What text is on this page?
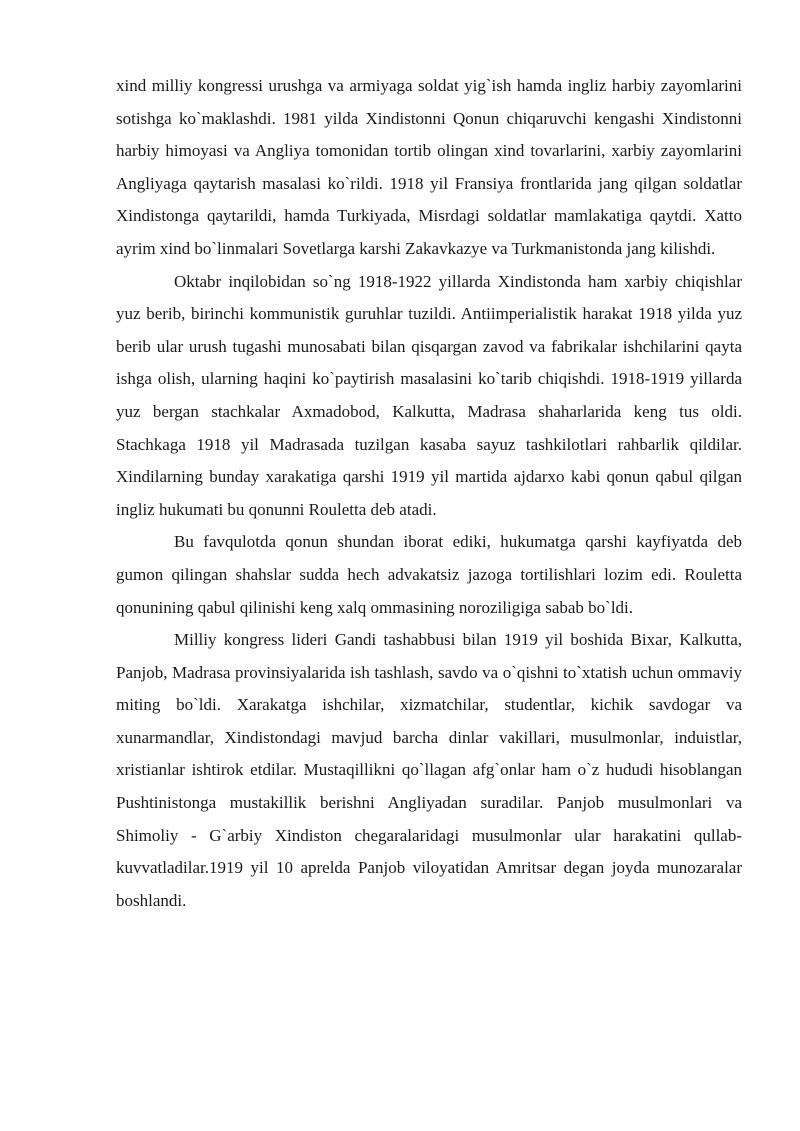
xind milliy kongressi urushga va armiyaga soldat yig`ish hamda ingliz harbiy zayomlarini sotishga ko`maklashdi. 1981 yilda Xindistonni Qonun chiqaruvchi kengashi Xindistonni harbiy himoyasi va Angliya tomonidan tortib olingan xind tovarlarini, xarbiy zayomlarini Angliyaga qaytarish masalasi ko`rildi. 1918 yil Fransiya frontlarida jang qilgan soldatlar Xindistonga qaytarildi, hamda Turkiyada, Misrdagi soldatlar mamlakatiga qaytdi. Xatto ayrim xind bo`linmalari Sovetlarga karshi Zakavkazye va Turkmanistonda jang kilishdi.

Oktabr inqilobidan so`ng 1918-1922 yillarda Xindistonda ham xarbiy chiqishlar yuz berib, birinchi kommunistik guruhlar tuzildi. Antiimperialistik harakat 1918 yilda yuz berib ular urush tugashi munosabati bilan qisqargan zavod va fabrikalar ishchilarini qayta ishga olish, ularning haqini ko`paytirish masalasini ko`tarib chiqishdi. 1918-1919 yillarda yuz bergan stachkalar Axmadobod, Kalkutta, Madrasa shaharlarida keng tus oldi. Stachkaga 1918 yil Madrasada tuzilgan kasaba sayuz tashkilotlari rahbarlik qildilar. Xindilarning bunday xarakatiga qarshi 1919 yil martida ajdarxo kabi qonun qabul qilgan ingliz hukumati bu qonunni Rouletta deb atadi.

Bu favqulotda qonun shundan iborat ediki, hukumatga qarshi kayfiyatda deb gumon qilingan shahslar sudda hech advakatsiz jazoga tortilishlari lozim edi. Rouletta qonunining qabul qilinishi keng xalq ommasining noroziligiga sabab bo`ldi.

Milliy kongress lideri Gandi tashabbusi bilan 1919 yil boshida Bixar, Kalkutta, Panjob, Madrasa provinsiyalarida ish tashlash, savdo va o`qishni to`xtatish uchun ommaviy miting bo`ldi. Xarakatga ishchilar, xizmatchilar, studentlar, kichik savdogar va xunarmandlar, Xindistondagi mavjud barcha dinlar vakillari, musulmonlar, induistlar, xristianlar ishtirok etdilar. Mustaqillikni qo`llagan afg`onlar ham o`z hududi hisoblangan Pushtinistonga mustakillik berishni Angliyadan suradilar. Panjob musulmonlari va Shimoliy - G`arbiy Xindiston chegaralaridagi musulmonlar ular harakatini qullab-kuvvatladilar.1919 yil 10 aprelda Panjob viloyatidan Amritsar degan joyda munozaralar boshlandi.
